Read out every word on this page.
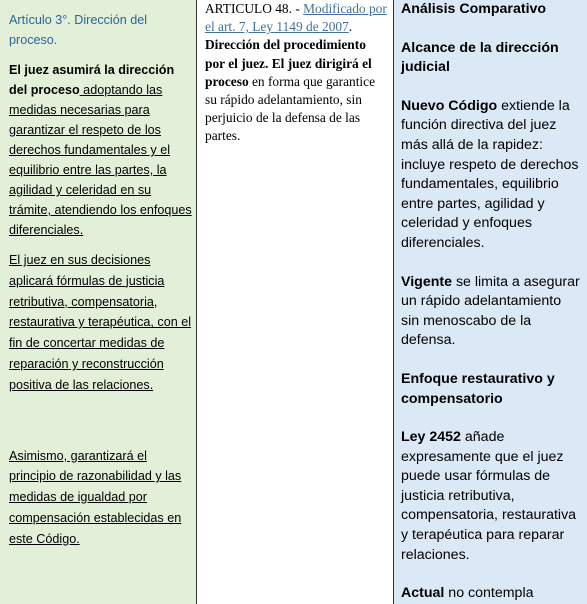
Artículo 3°. Dirección del proceso.

El juez asumirá la dirección del proceso adoptando las medidas necesarias para garantizar el respeto de los derechos fundamentales y el equilibrio entre las partes, la agilidad y celeridad en su trámite, atendiendo los enfoques diferenciales.

El juez en sus decisiones aplicará fórmulas de justicia retributiva, compensatoria, restaurativa y terapéutica, con el fin de concertar medidas de reparación y reconstrucción positiva de las relaciones.

Asimismo, garantizará el principio de razonabilidad y las medidas de igualdad por compensación establecidas en este Código.

ARTICULO 48. - Modificado por el art. 7, Ley 1149 de 2007. Dirección del procedimiento por el juez. El juez dirigirá el proceso en forma que garantice su rápido adelantamiento, sin perjuicio de la defensa de las partes.

Análisis Comparativo

Alcance de la dirección judicial

Nuevo Código extiende la función directiva del juez más allá de la rapidez: incluye respeto de derechos fundamentales, equilibrio entre partes, agilidad y celeridad y enfoques diferenciales.

Vigente se limita a asegurar un rápido adelantamiento sin menoscabo de la defensa.

Enfoque restaurativo y compensatorio

Ley 2452 añade expresamente que el juez puede usar fórmulas de justicia retributiva, compensatoria, restaurativa y terapéutica para reparar relaciones.

Actual no contempla
